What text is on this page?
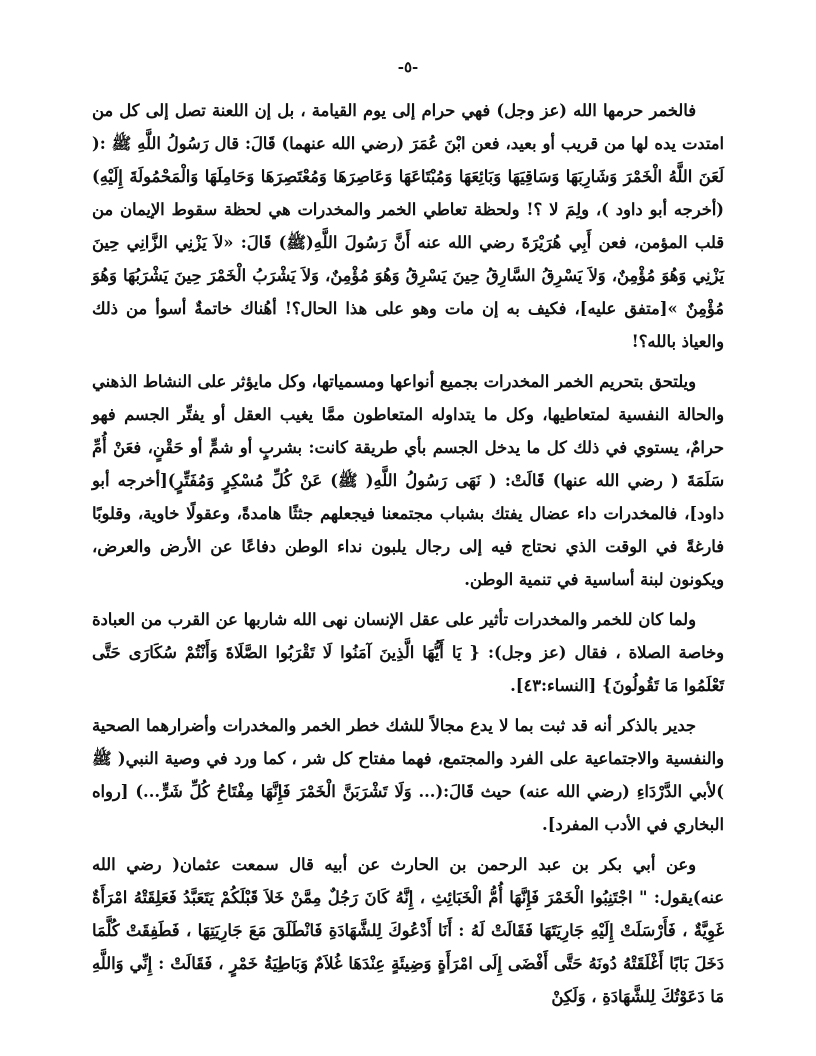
-٥-

فالخمر حرمها الله (عز وجل) فهي حرام إلى يوم القيامة ، بل إن اللعنة تصل إلى كل من امتدت يده لها من قريب أو بعيد، فعن ابْنَ عُمَرَ (رضي الله عنهما) قَالَ: قال رَسُولُ اللَّهِ ﷺ :( لَعَنَ اللَّهُ الْخَمْرَ وَشَارِبَهَا وَسَاقِيَهَا وَبَائِعَهَا وَمُبْتَاعَهَا وَعَاصِرَهَا وَمُعْتَصِرَهَا وَحَامِلَهَا وَالْمَحْمُولَةَ إِلَيْهِ)(أخرجه أبو داود )، ولِمَ لا ؟! ولحظة تعاطي الخمر والمخدرات هي لحظة سقوط الإيمان من قلب المؤمن، فعن أَبِي هُرَيْرَةَ رضي الله عنه أَنَّ رَسُولَ اللَّهِ(ﷺ) قَالَ: «لاَ يَزْنِي الزَّانِي حِينَ يَزْنِي وَهُوَ مُؤْمِنٌ، وَلاَ يَسْرِقُ السَّارِقُ حِينَ يَسْرِقُ وَهُوَ مُؤْمِنٌ، وَلاَ يَشْرَبُ الْخَمْرَ حِينَ يَشْرَبُهَا وَهُوَ مُؤْمِنٌ »[متفق عليه]، فكيف به إن مات وهو على هذا الحال؟! أهُناك خاتمةٌ أسوأ من ذلك والعياذ بالله؟!

ويلتحق بتحريم الخمر المخدرات بجميع أنواعها ومسمياتها، وكل مايؤثر على النشاط الذهني والحالة النفسية لمتعاطيها، وكل ما يتداوله المتعاطون ممَّا يغيب العقل أو يفتِّر الجسم فهو حرامٌ، يستوي في ذلك كل ما يدخل الجسم بأي طريقة كانت: بشربٍ أو شمٍّ أو حَقْنٍ، فعَنْ أُمِّ سَلَمَةَ ( رضي الله عنها) قَالَتْ: ( نَهَى رَسُولُ اللَّهِ( ﷺ) عَنْ كُلِّ مُسْكِرٍ وَمُفَتِّرٍ)[أخرجه أبو داود]، فالمخدرات داء عضال يفتك بشباب مجتمعنا فيجعلهم جثثًا هامدةً، وعقولًا خاوية، وقلوبًا فارغةً في الوقت الذي نحتاج فيه إلى رجال يلبون نداء الوطن دفاعًا عن الأرض والعرض، ويكونون لبنة أساسية في تنمية الوطن.

ولما كان للخمر والمخدرات تأثير على عقل الإنسان نهى الله شاربها عن القرب من العبادة وخاصة الصلاة ، فقال (عز وجل): { يَا أَيُّهَا الَّذِينَ آمَنُوا لَا تَقْرَبُوا الصَّلَاةَ وَأَنْتُمْ سُكَارَى حَتَّى تَعْلَمُوا مَا تَقُولُونَ} [النساء:٤٣].

جدير بالذكر أنه قد ثبت بما لا يدع مجالاً للشك خطر الخمر والمخدرات وأضرارهما الصحية والنفسية والاجتماعية على الفرد والمجتمع، فهما مفتاح كل شر ، كما ورد في وصية النبي( ﷺ )لأبي الدَّرْدَاءِ (رضي الله عنه) حيث قَالَ:(... وَلَا تَشْرَبَنَّ الْخَمْرَ فَإِنَّهَا مِفْتَاحُ كُلِّ شَرٍّ...) [رواه البخاري في الأدب المفرد].

وعن أبي بكر بن عبد الرحمن بن الحارث عن أبيه قال سمعت عثمان( رضي الله عنه)يقول: " اجْتَنِبُوا الْخَمْرَ فَإِنَّهَا أُمُّ الْخَبَائِثِ ، إِنَّهُ كَانَ رَجُلٌ مِمَّنْ خَلاَ قَبْلَكُمْ يَتَعَبَّدُ فَعَلِقَتْهُ امْرَأَةٌ غَوِيَّةٌ ، فَأَرْسَلَتْ إِلَيْهِ جَارِيَتَهَا فَقَالَتْ لَهُ : أَنَا أَدْعُوكَ لِلشَّهَادَةِ فَانْطَلَقَ مَعَ جَارِيَتِهَا ، فَطَفِقَتْ كُلَّمَا دَخَلَ بَابًا أَغْلَقَتْهُ دُونَهُ حَتَّى أَفْضَى إِلَى امْرَأَةٍ وَضِيئَةٍ عِنْدَهَا غُلاَمٌ وَبَاطِيَةُ خَمْرٍ ، فَقَالَتْ : إِنِّي وَاللَّهِ مَا دَعَوْتُكَ لِلشَّهَادَةِ ، وَلَكِنْ
